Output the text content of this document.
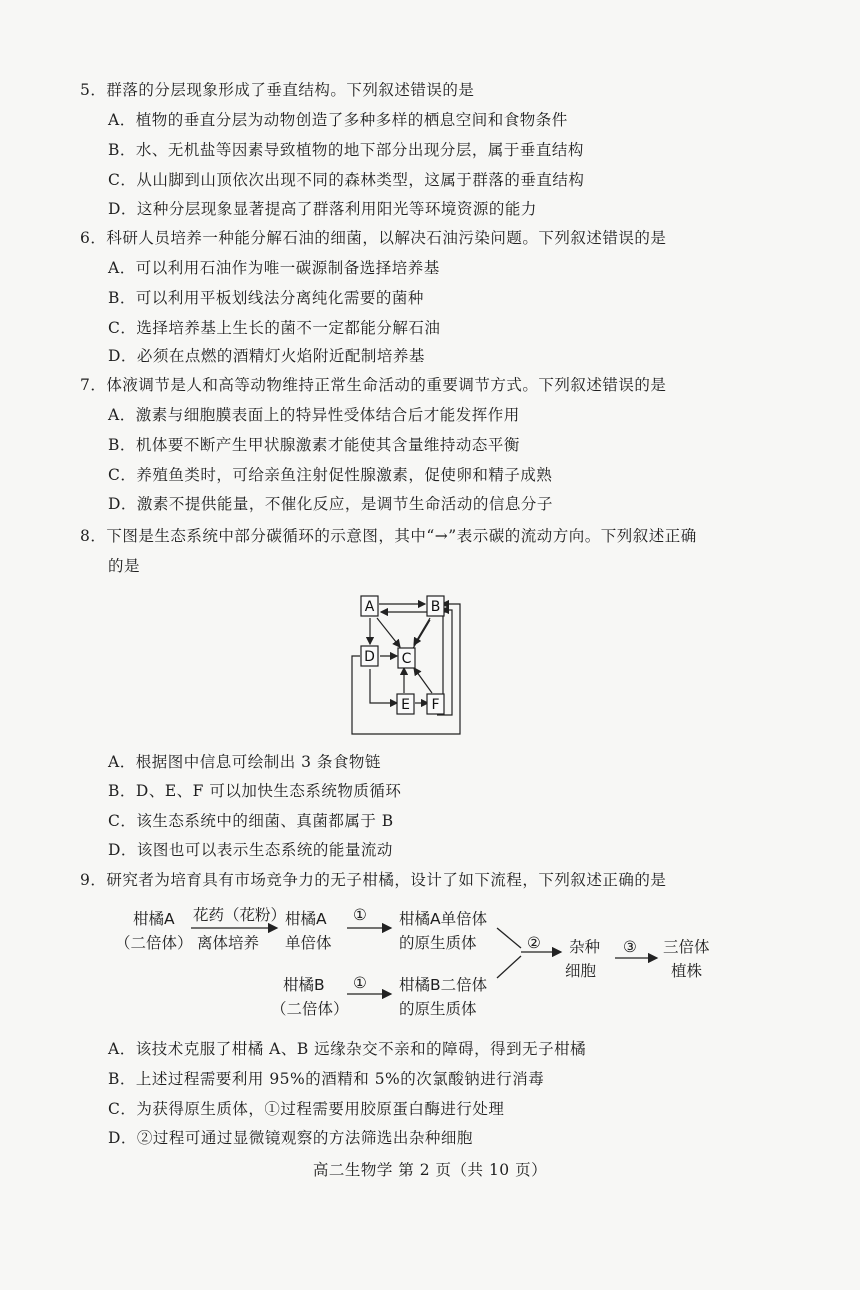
5．群落的分层现象形成了垂直结构。下列叙述错误的是
A．植物的垂直分层为动物创造了多种多样的栖息空间和食物条件
B．水、无机盐等因素导致植物的地下部分出现分层，属于垂直结构
C．从山脚到山顶依次出现不同的森林类型，这属于群落的垂直结构
D．这种分层现象显著提高了群落利用阳光等环境资源的能力
6．科研人员培养一种能分解石油的细菌，以解决石油污染问题。下列叙述错误的是
A．可以利用石油作为唯一碳源制备选择培养基
B．可以利用平板划线法分离纯化需要的菌种
C．选择培养基上生长的菌不一定都能分解石油
D．必须在点燃的酒精灯火焰附近配制培养基
7．体液调节是人和高等动物维持正常生命活动的重要调节方式。下列叙述错误的是
A．激素与细胞膜表面上的特异性受体结合后才能发挥作用
B．机体要不断产生甲状腺激素才能使其含量维持动态平衡
C．养殖鱼类时，可给亲鱼注射促性腺激素，促使卵和精子成熟
D．激素不提供能量，不催化反应，是调节生命活动的信息分子
8．下图是生态系统中部分碳循环的示意图，其中“→”表示碳的流动方向。下列叙述正确
的是
A	B
C
D
E F
A．根据图中信息可绘制出 3 条食物链
B．D、E、F 可以加快生态系统物质循环
C．该生态系统中的细菌、真菌都属于 B
D．该图也可以表示生态系统的能量流动
9．研究者为培育具有市场竞争力的无子柑橘，设计了如下流程，下列叙述正确的是
柑橘A
（二倍体）
花药（花粉）
离体培养
柑橘A
单倍体
① 柑橘A单倍体
的原生质体	② 杂种
细胞
③ 三倍体
植株
柑橘B
（二倍体）
① 柑橘B二倍体
的原生质体
A．该技术克服了柑橘 A、B 远缘杂交不亲和的障碍，得到无子柑橘
B．上述过程需要利用 95%的酒精和 5%的次氯酸钠进行消毒
C．为获得原生质体，①过程需要用胶原蛋白酶进行处理
D．②过程可通过显微镜观察的方法筛选出杂种细胞
高二生物学 第 2 页（共 10 页）
